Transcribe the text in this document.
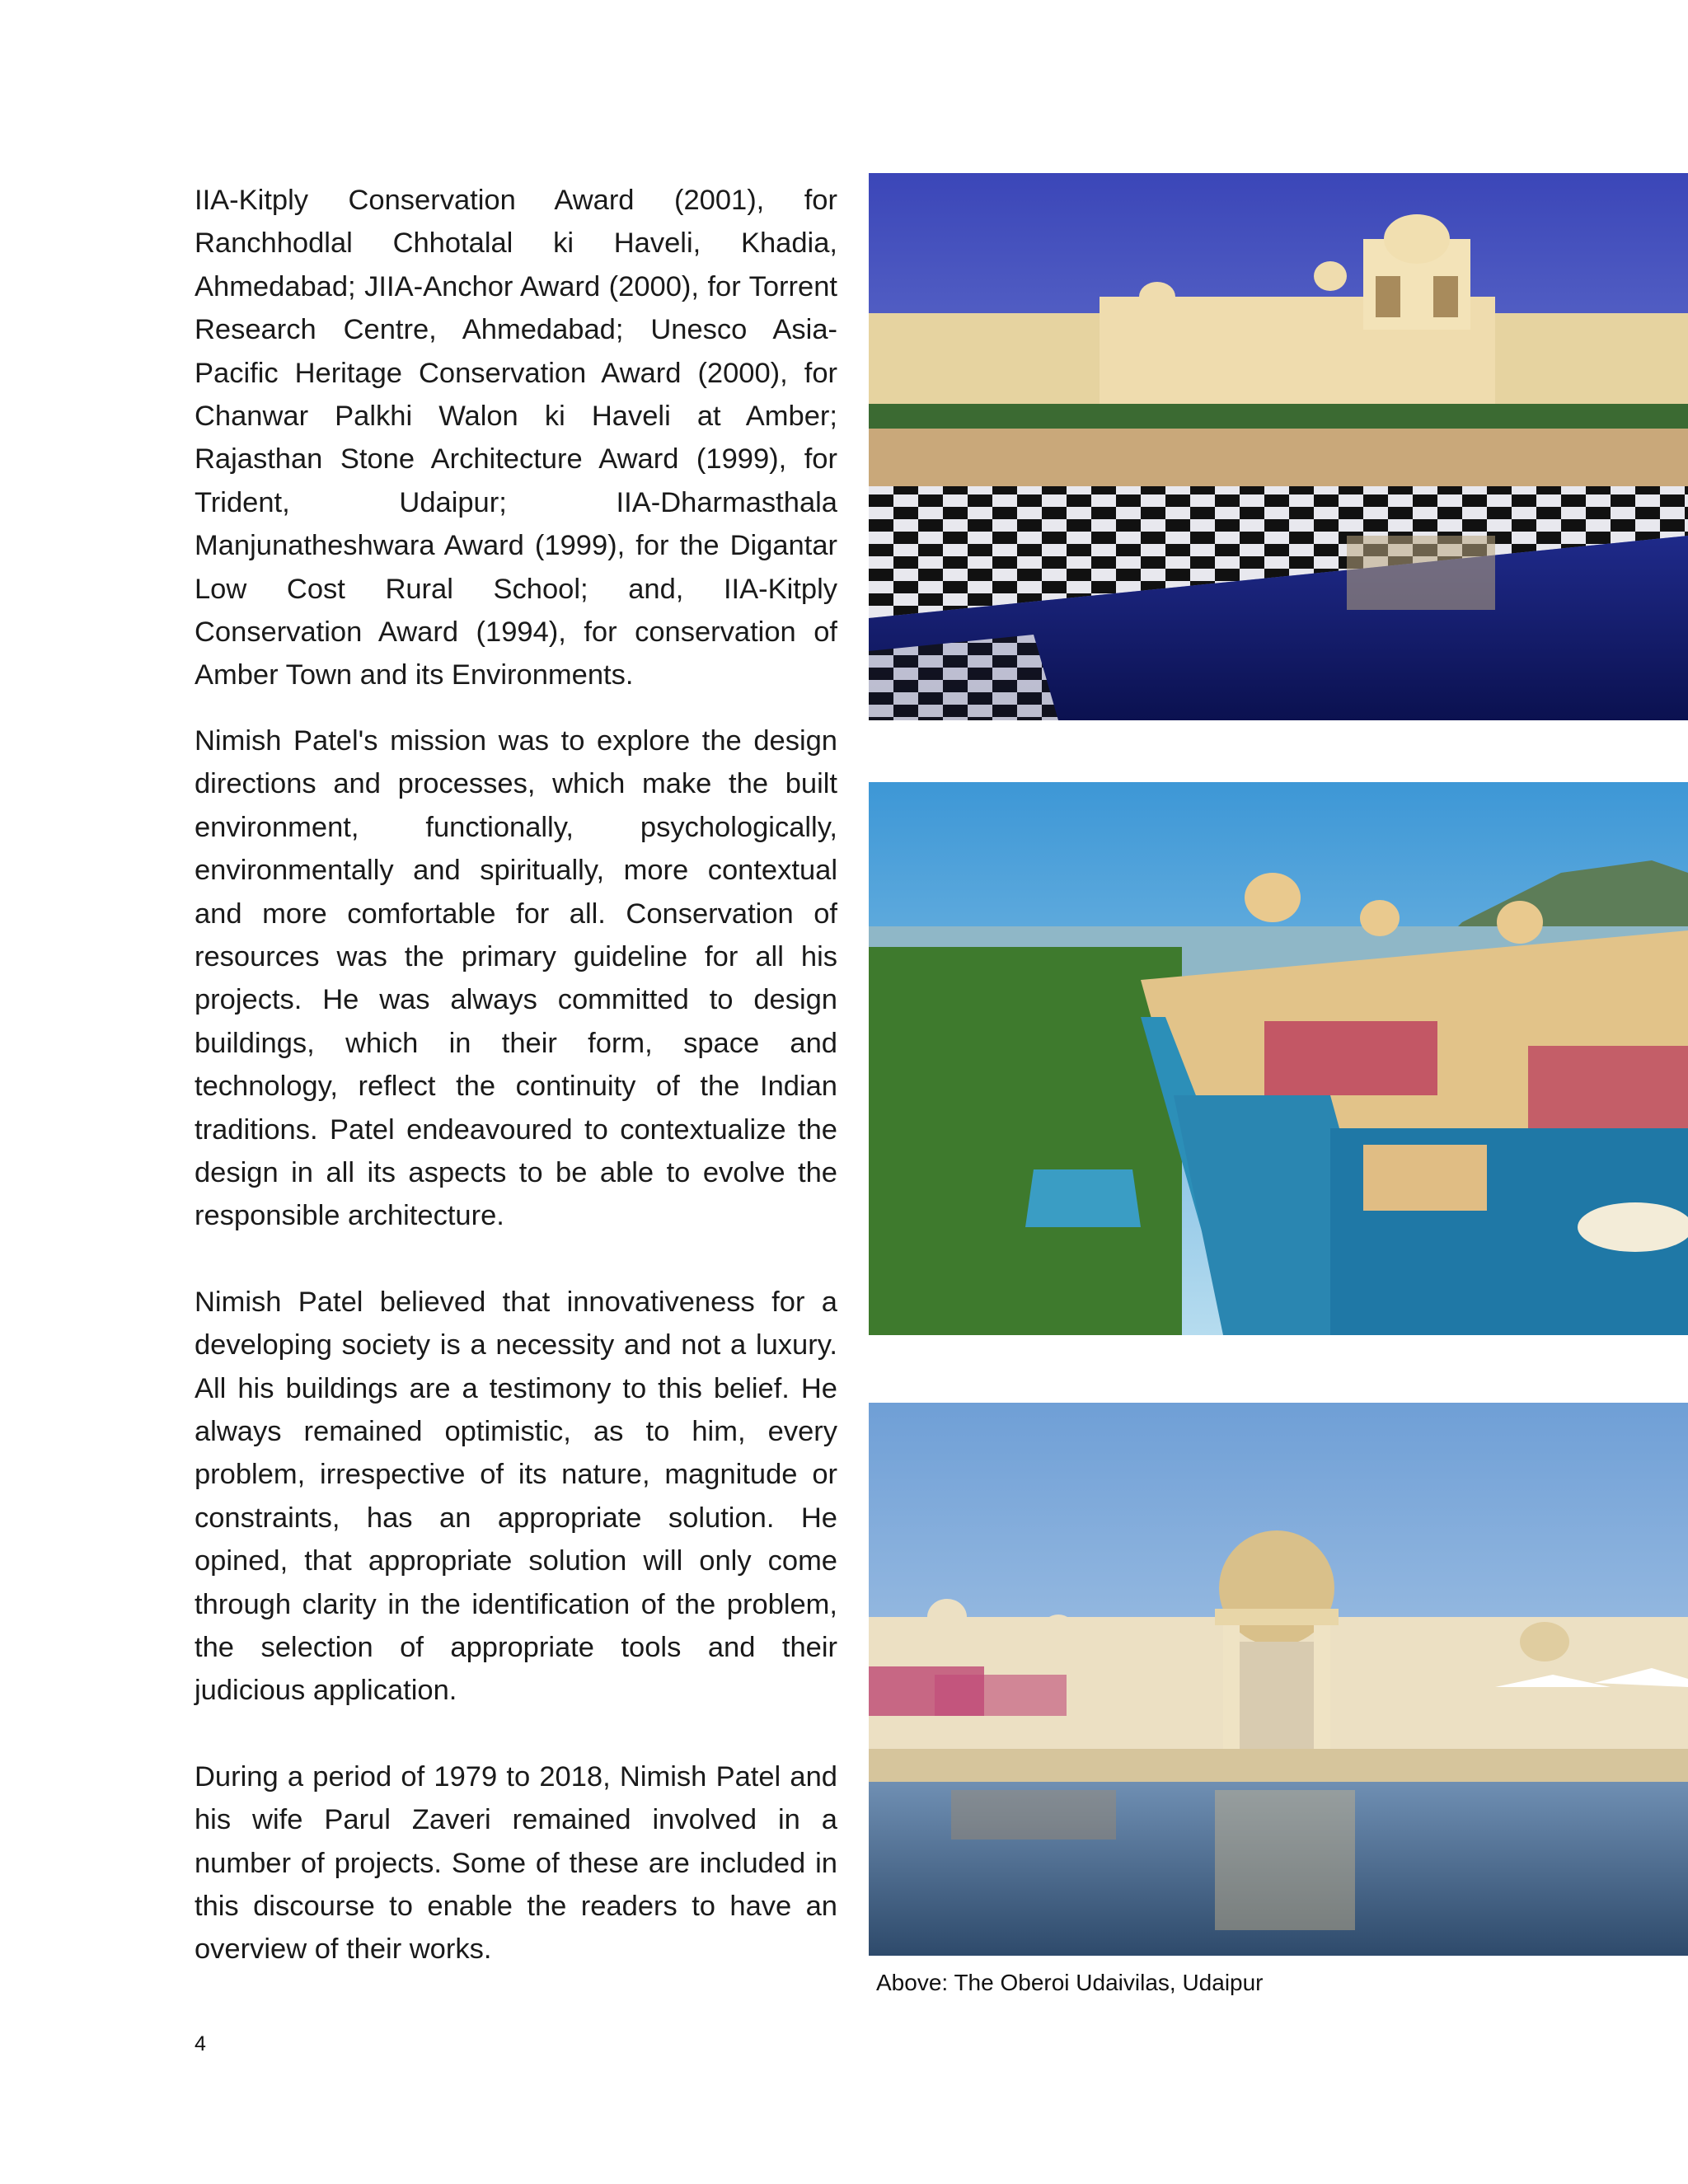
IIA-Kitply Conservation Award (2001), for Ranchhodlal Chhotalal ki Haveli, Khadia, Ahmedabad; JIIA-Anchor Award (2000), for Torrent Research Centre, Ahmedabad; Unesco Asia-Pacific Heritage Conservation Award (2000), for Chanwar Palkhi Walon ki Haveli at Amber; Rajasthan Stone Architecture Award (1999), for Trident, Udaipur; IIA-Dharmasthala Manjunatheshwara Award (1999), for the Digantar Low Cost Rural School; and, IIA-Kitply Conservation Award (1994), for conservation of Amber Town and its Environments.

Nimish Patel's mission was to explore the design directions and processes, which make the built environment, functionally, psychologically, environmentally and spiritually, more contextual and more comfortable for all. Conservation of resources was the primary guideline for all his projects. He was always committed to design buildings, which in their form, space and technology, reflect the continuity of the Indian traditions. Patel endeavoured to contextualize the design in all its aspects to be able to evolve the responsible architecture.

Nimish Patel believed that innovativeness for a developing society is a necessity and not a luxury. All his buildings are a testimony to this belief. He always remained optimistic, as to him, every problem, irrespective of its nature, magnitude or constraints, has an appropriate solution. He opined, that appropriate solution will only come through clarity in the identification of the problem, the selection of appropriate tools and their judicious application.

During a period of 1979 to 2018, Nimish Patel and his wife Parul Zaveri remained involved in a number of projects. Some of these are included in this discourse to enable the readers to have an overview of their works.

Above: The Oberoi Udaivilas, Udaipur
4
